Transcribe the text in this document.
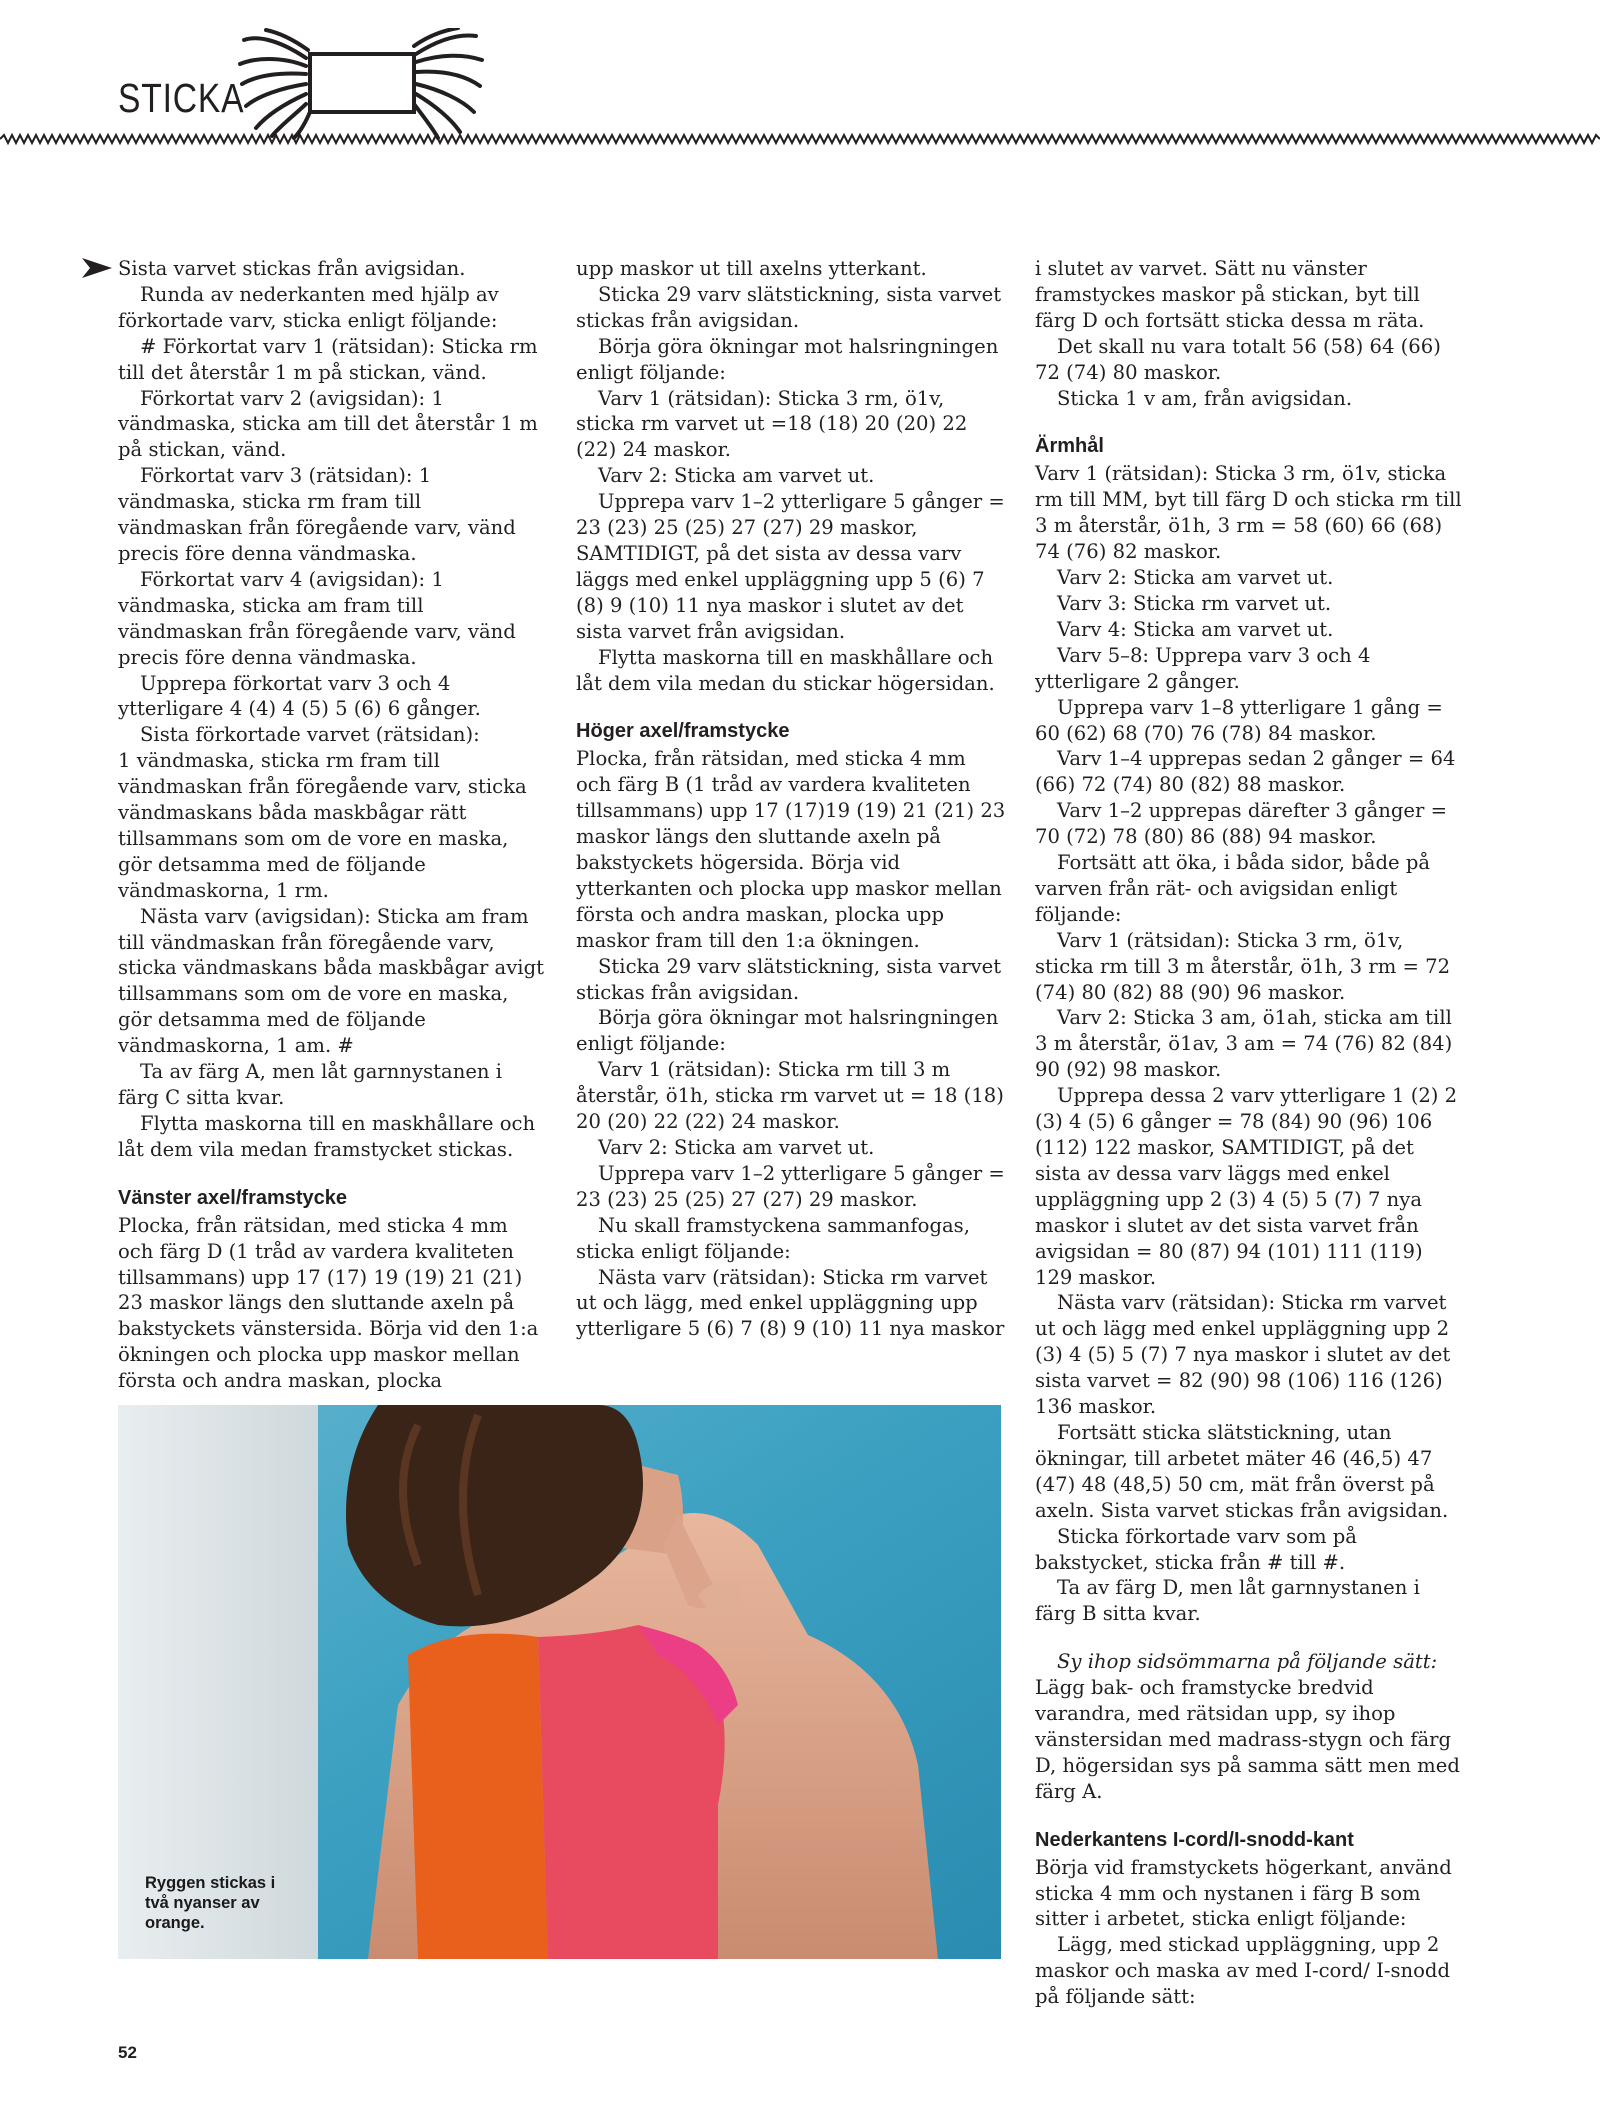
STICKA

Sista varvet stickas från avigsidan.

Runda av nederkanten med hjälp av förkortade varv, sticka enligt följande:

# Förkortat varv 1 (rätsidan): Sticka rm till det återstår 1 m på stickan, vänd.

Förkortat varv 2 (avigsidan): 1 vändmaska, sticka am till det återstår 1 m på stickan, vänd.

Förkortat varv 3 (rätsidan): 1 vändmaska, sticka rm fram till vändmaskan från föregående varv, vänd precis före denna vändmaska.

Förkortat varv 4 (avigsidan): 1 vändmaska, sticka am fram till vändmaskan från föregående varv, vänd precis före denna vändmaska.

Upprepa förkortat varv 3 och 4 ytterligare 4 (4) 4 (5) 5 (6) 6 gånger.

Sista förkortade varvet (rätsidan):

1 vändmaska, sticka rm fram till vändmaskan från föregående varv, sticka vändmaskans båda maskbågar rätt tillsammans som om de vore en maska, gör detsamma med de följande vändmaskorna, 1 rm.

Nästa varv (avigsidan): Sticka am fram till vändmaskan från föregående varv, sticka vändmaskans båda maskbågar avigt tillsammans som om de vore en maska, gör detsamma med de följande vändmaskorna, 1 am. #

Ta av färg A, men låt garnnystanen i färg C sitta kvar.

Flytta maskorna till en maskhållare och låt dem vila medan framstycket stickas.

Vänster axel/framstycke

Plocka, från rätsidan, med sticka 4 mm och färg D (1 tråd av vardera kvaliteten tillsammans) upp 17 (17) 19 (19) 21 (21) 23 maskor längs den sluttande axeln på bakstyckets vänstersida. Börja vid den 1:a ökningen och plocka upp maskor mellan första och andra maskan, plocka

upp maskor ut till axelns ytterkant.

Sticka 29 varv slätstickning, sista varvet stickas från avigsidan.

Börja göra ökningar mot halsringningen enligt följande:

Varv 1 (rätsidan): Sticka 3 rm, ö1v, sticka rm varvet ut =18 (18) 20 (20) 22 (22) 24 maskor.

Varv 2: Sticka am varvet ut.

Upprepa varv 1–2 ytterligare 5 gånger = 23 (23) 25 (25) 27 (27) 29 maskor, SAMTIDIGT, på det sista av dessa varv läggs med enkel uppläggning upp 5 (6) 7 (8) 9 (10) 11 nya maskor i slutet av det sista varvet från avigsidan.

Flytta maskorna till en maskhållare och låt dem vila medan du stickar högersidan.

Höger axel/framstycke

Plocka, från rätsidan, med sticka 4 mm och färg B (1 tråd av vardera kvaliteten tillsammans) upp 17 (17)19 (19) 21 (21) 23 maskor längs den sluttande axeln på bakstyckets högersida. Börja vid ytterkanten och plocka upp maskor mellan första och andra maskan, plocka upp maskor fram till den 1:a ökningen.

Sticka 29 varv slätstickning, sista varvet stickas från avigsidan.

Börja göra ökningar mot halsringningen enligt följande:

Varv 1 (rätsidan): Sticka rm till 3 m återstår, ö1h, sticka rm varvet ut = 18 (18) 20 (20) 22 (22) 24 maskor.

Varv 2: Sticka am varvet ut.

Upprepa varv 1–2 ytterligare 5 gånger = 23 (23) 25 (25) 27 (27) 29 maskor.

Nu skall framstyckena sammanfogas, sticka enligt följande:

Nästa varv (rätsidan): Sticka rm varvet ut och lägg, med enkel uppläggning upp ytterligare 5 (6) 7 (8) 9 (10) 11 nya maskor

i slutet av varvet. Sätt nu vänster framstyckes maskor på stickan, byt till färg D och fortsätt sticka dessa m räta.

Det skall nu vara totalt 56 (58) 64 (66) 72 (74) 80 maskor.

Sticka 1 v am, från avigsidan.

Ärmhål

Varv 1 (rätsidan): Sticka 3 rm, ö1v, sticka rm till MM, byt till färg D och sticka rm till 3 m återstår, ö1h, 3 rm = 58 (60) 66 (68) 74 (76) 82 maskor.

Varv 2: Sticka am varvet ut.

Varv 3: Sticka rm varvet ut.

Varv 4: Sticka am varvet ut.

Varv 5–8: Upprepa varv 3 och 4 ytterligare 2 gånger.

Upprepa varv 1–8 ytterligare 1 gång = 60 (62) 68 (70) 76 (78) 84 maskor.

Varv 1–4 upprepas sedan 2 gånger = 64 (66) 72 (74) 80 (82) 88 maskor.

Varv 1–2 upprepas därefter 3 gånger = 70 (72) 78 (80) 86 (88) 94 maskor.

Fortsätt att öka, i båda sidor, både på varven från rät- och avigsidan enligt följande:

Varv 1 (rätsidan): Sticka 3 rm, ö1v, sticka rm till 3 m återstår, ö1h, 3 rm = 72 (74) 80 (82) 88 (90) 96 maskor.

Varv 2: Sticka 3 am, ö1ah, sticka am till 3 m återstår, ö1av, 3 am = 74 (76) 82 (84) 90 (92) 98 maskor.

Upprepa dessa 2 varv ytterligare 1 (2) 2 (3) 4 (5) 6 gånger = 78 (84) 90 (96) 106 (112) 122 maskor, SAMTIDIGT, på det sista av dessa varv läggs med enkel uppläggning upp 2 (3) 4 (5) 5 (7) 7 nya maskor i slutet av det sista varvet från avigsidan = 80 (87) 94 (101) 111 (119) 129 maskor.

Nästa varv (rätsidan): Sticka rm varvet ut och lägg med enkel uppläggning upp 2 (3) 4 (5) 5 (7) 7 nya maskor i slutet av det sista varvet = 82 (90) 98 (106) 116 (126) 136 maskor.

Fortsätt sticka slätstickning, utan ökningar, till arbetet mäter 46 (46,5) 47 (47) 48 (48,5) 50 cm, mät från överst på axeln. Sista varvet stickas från avigsidan.

Sticka förkortade varv som på bakstycket, sticka från # till #.

Ta av färg D, men låt garnnystanen i färg B sitta kvar.

Sy ihop sidsömmarna på följande sätt:

Lägg bak- och framstycke bredvid varandra, med rätsidan upp, sy ihop vänstersidan med madrass-stygn och färg D, högersidan sys på samma sätt men med färg A.

Nederkantens I-cord/I-snodd-kant

Börja vid framstyckets högerkant, använd sticka 4 mm och nystanen i färg B som sitter i arbetet, sticka enligt följande:

Lägg, med stickad uppläggning, upp 2 maskor och maska av med I-cord/ I-snodd på följande sätt:

Ryggen stickas i två nyanser av orange.
52
